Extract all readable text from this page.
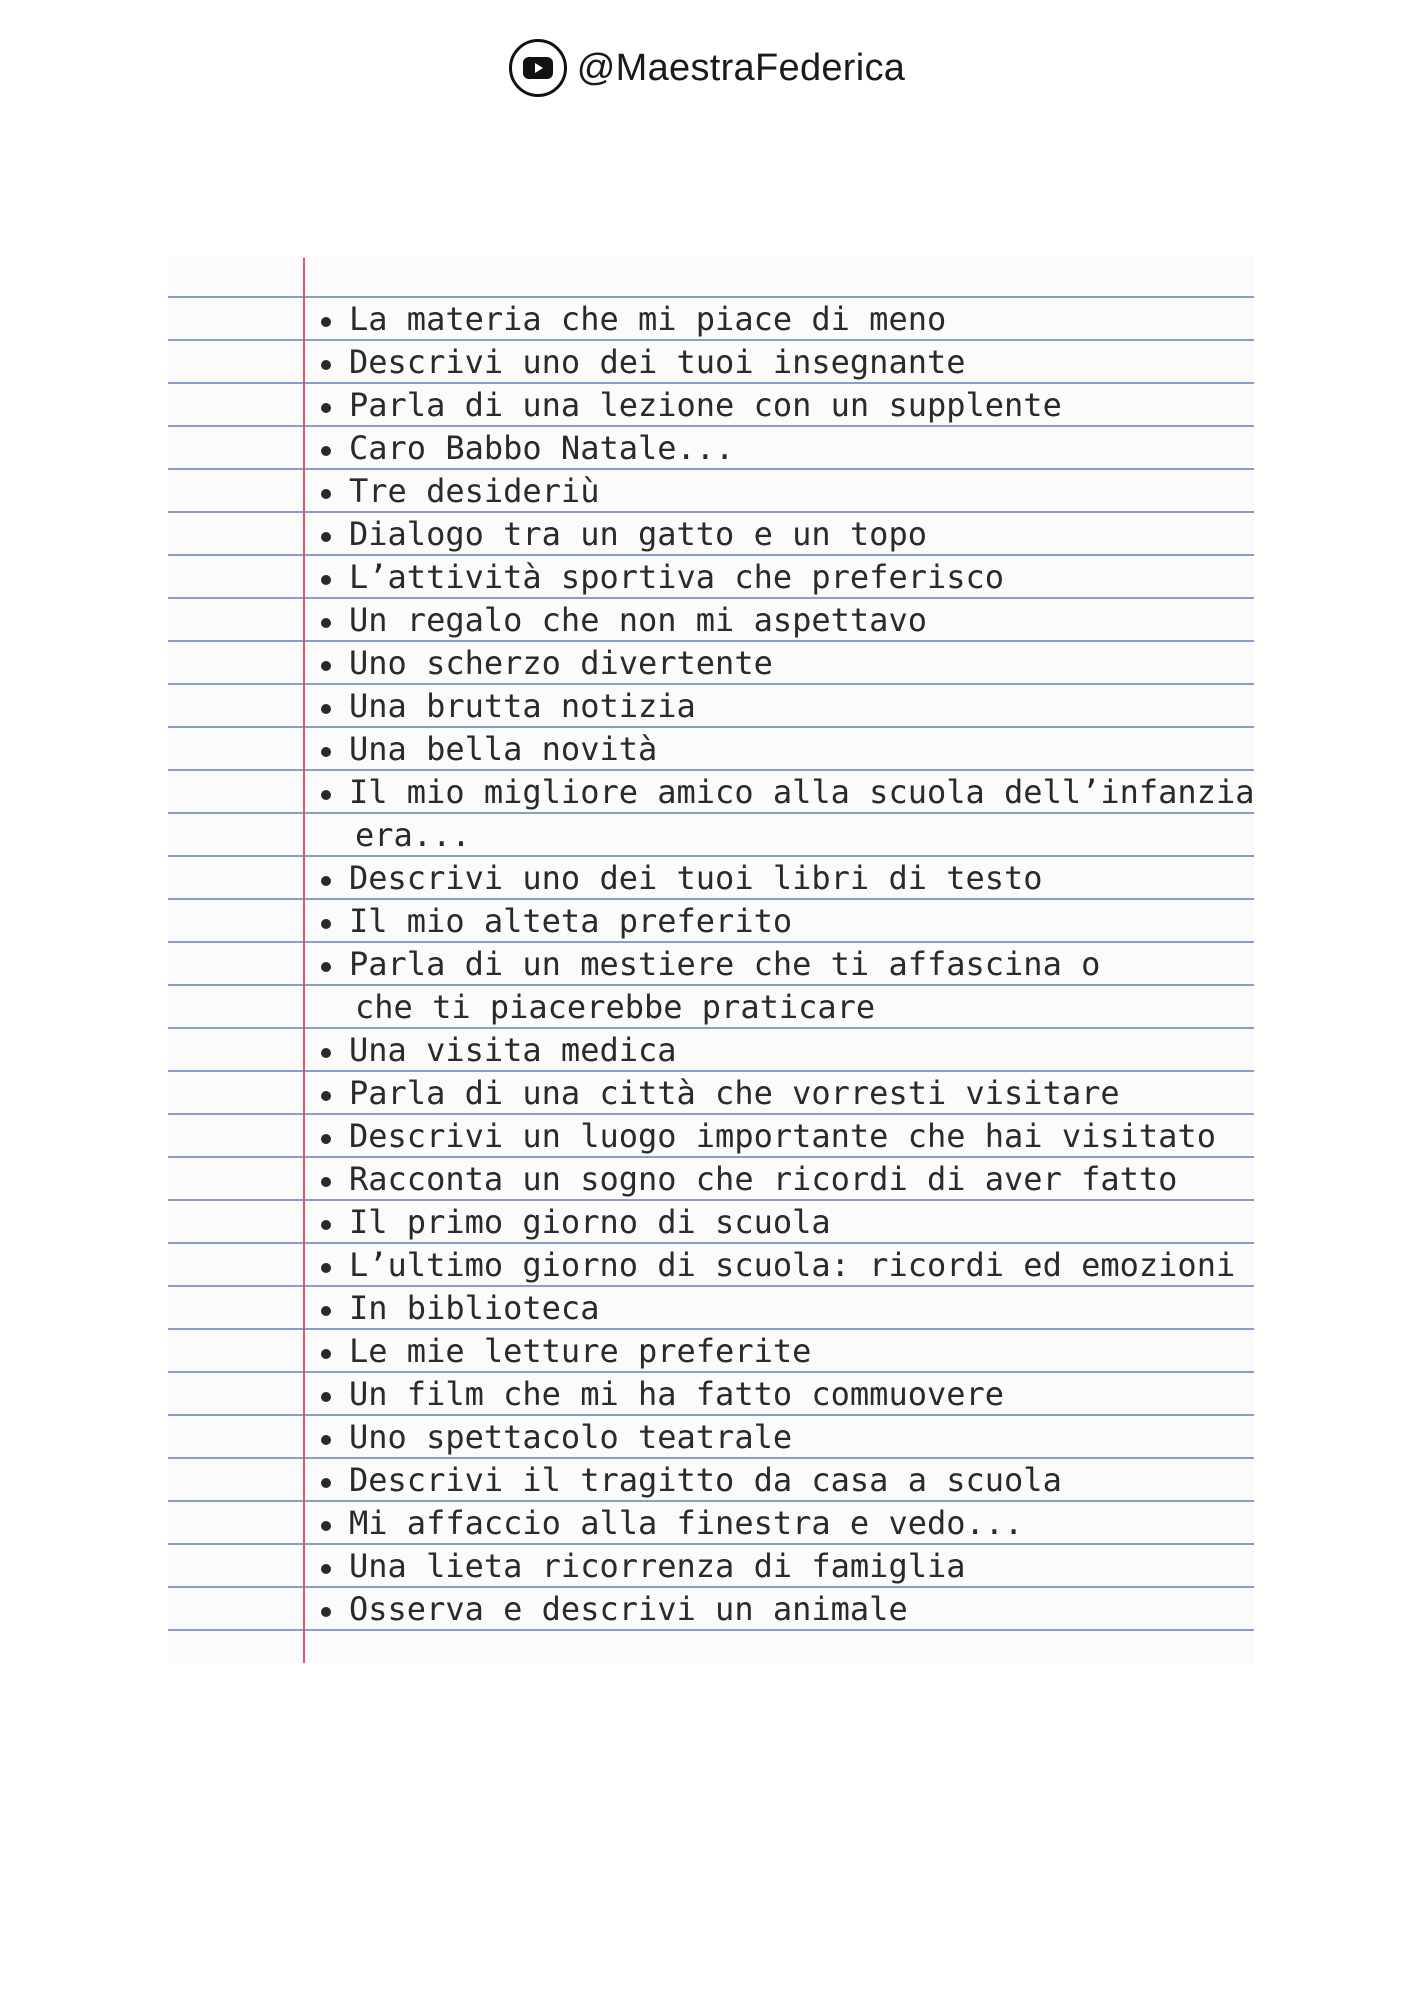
@MaestraFederica
La materia che mi piace di meno
Descrivi uno dei tuoi insegnante
Parla di una lezione con un supplente
Caro Babbo Natale...
Tre desideriù
Dialogo tra un gatto e un topo
L’attività sportiva che preferisco
Un regalo che non mi aspettavo
Uno scherzo divertente
Una brutta notizia
Una bella novità
Il mio migliore amico alla scuola dell’infanzia
era...
Descrivi uno dei tuoi libri di testo
Il mio alteta preferito
Parla di un mestiere che ti affascina o
che ti piacerebbe praticare
Una visita medica
Parla di una città che vorresti visitare
Descrivi un luogo importante che hai visitato
Racconta un sogno che ricordi di aver fatto
Il primo giorno di scuola
L’ultimo giorno di scuola: ricordi ed emozioni
In biblioteca
Le mie letture preferite
Un film che mi ha fatto commuovere
Uno spettacolo teatrale
Descrivi il tragitto da casa a scuola
Mi affaccio alla finestra e vedo...
Una lieta ricorrenza di famiglia
Osserva e descrivi un animale
